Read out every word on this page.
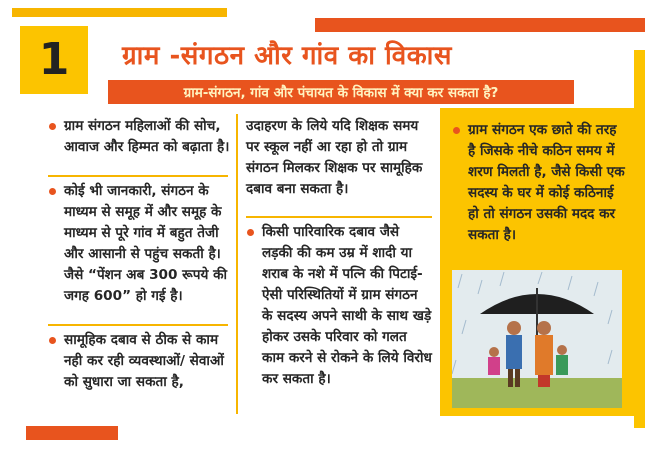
1 ग्राम -संगठन और गांव का विकास
ग्राम-संगठन, गांव और पंचायत के विकास में क्या कर सकता है?
ग्राम संगठन महिलाओं की सोच, आवाज और हिम्मत को बढ़ाता है।
कोई भी जानकारी, संगठन के माध्यम से समूह में और समूह के माध्यम से पूरे गांव में बहुत तेजी और आसानी से पहुंच सकती है। जैसे “पेंशन अब 300 रूपये की जगह 600” हो गई है।
सामूहिक दबाव से ठीक से काम नही कर रही व्यवस्थाओं/ सेवाओं को सुधारा जा सकता है,
उदाहरण के लिये यदि शिक्षक समय पर स्कूल नहीं आ रहा हो तो ग्राम संगठन मिलकर शिक्षक पर सामूहिक दबाव बना सकता है।
किसी पारिवारिक दबाव जैसे लड़की की कम उम्र में शादी या शराब के नशे में पत्नि की पिटाई-ऐसी परिस्थितियों में ग्राम संगठन के सदस्य अपने साथी के साथ खड़े होकर उसके परिवार को गलत काम करने से रोकने के लिये विरोध कर सकता है।
ग्राम संगठन एक छाते की तरह है जिसके नीचे कठिन समय में शरण मिलती है, जैसे किसी एक सदस्य के घर में कोई कठिनाई हो तो संगठन उसकी मदद कर सकता है।
